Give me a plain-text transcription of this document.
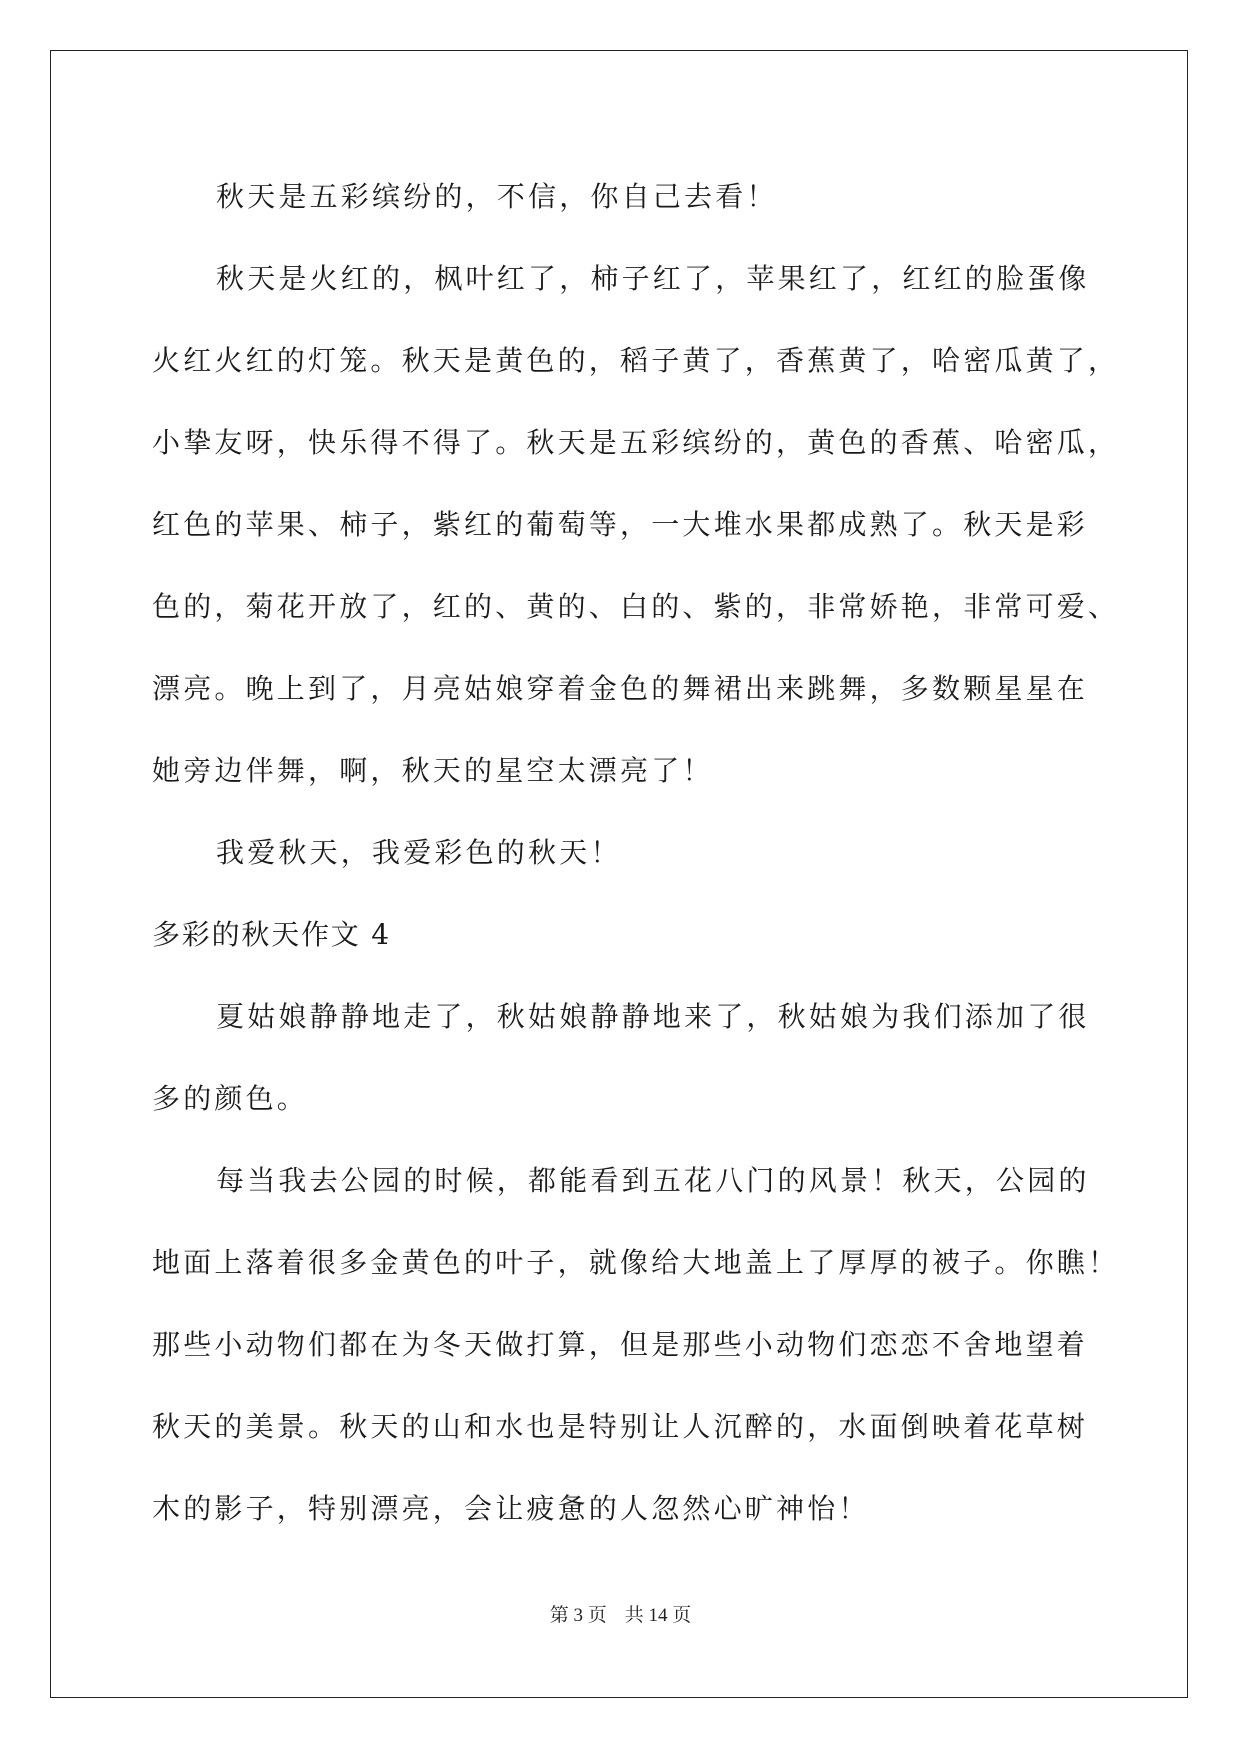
秋天是五彩缤纷的，不信，你自己去看！
秋天是火红的，枫叶红了，柿子红了，苹果红了，红红的脸蛋像
火红火红的灯笼。秋天是黄色的，稻子黄了，香蕉黄了，哈密瓜黄了，
小挚友呀，快乐得不得了。秋天是五彩缤纷的，黄色的香蕉、哈密瓜，
红色的苹果、柿子，紫红的葡萄等，一大堆水果都成熟了。秋天是彩
色的，菊花开放了，红的、黄的、白的、紫的，非常娇艳，非常可爱、
漂亮。晚上到了，月亮姑娘穿着金色的舞裙出来跳舞，多数颗星星在
她旁边伴舞，啊，秋天的星空太漂亮了！
我爱秋天，我爱彩色的秋天！
多彩的秋天作文 4
夏姑娘静静地走了，秋姑娘静静地来了，秋姑娘为我们添加了很
多的颜色。
每当我去公园的时候，都能看到五花八门的风景！秋天，公园的
地面上落着很多金黄色的叶子，就像给大地盖上了厚厚的被子。你瞧！
那些小动物们都在为冬天做打算，但是那些小动物们恋恋不舍地望着
秋天的美景。秋天的山和水也是特别让人沉醉的，水面倒映着花草树
木的影子，特别漂亮，会让疲惫的人忽然心旷神怡！
第 3 页 共 14 页
